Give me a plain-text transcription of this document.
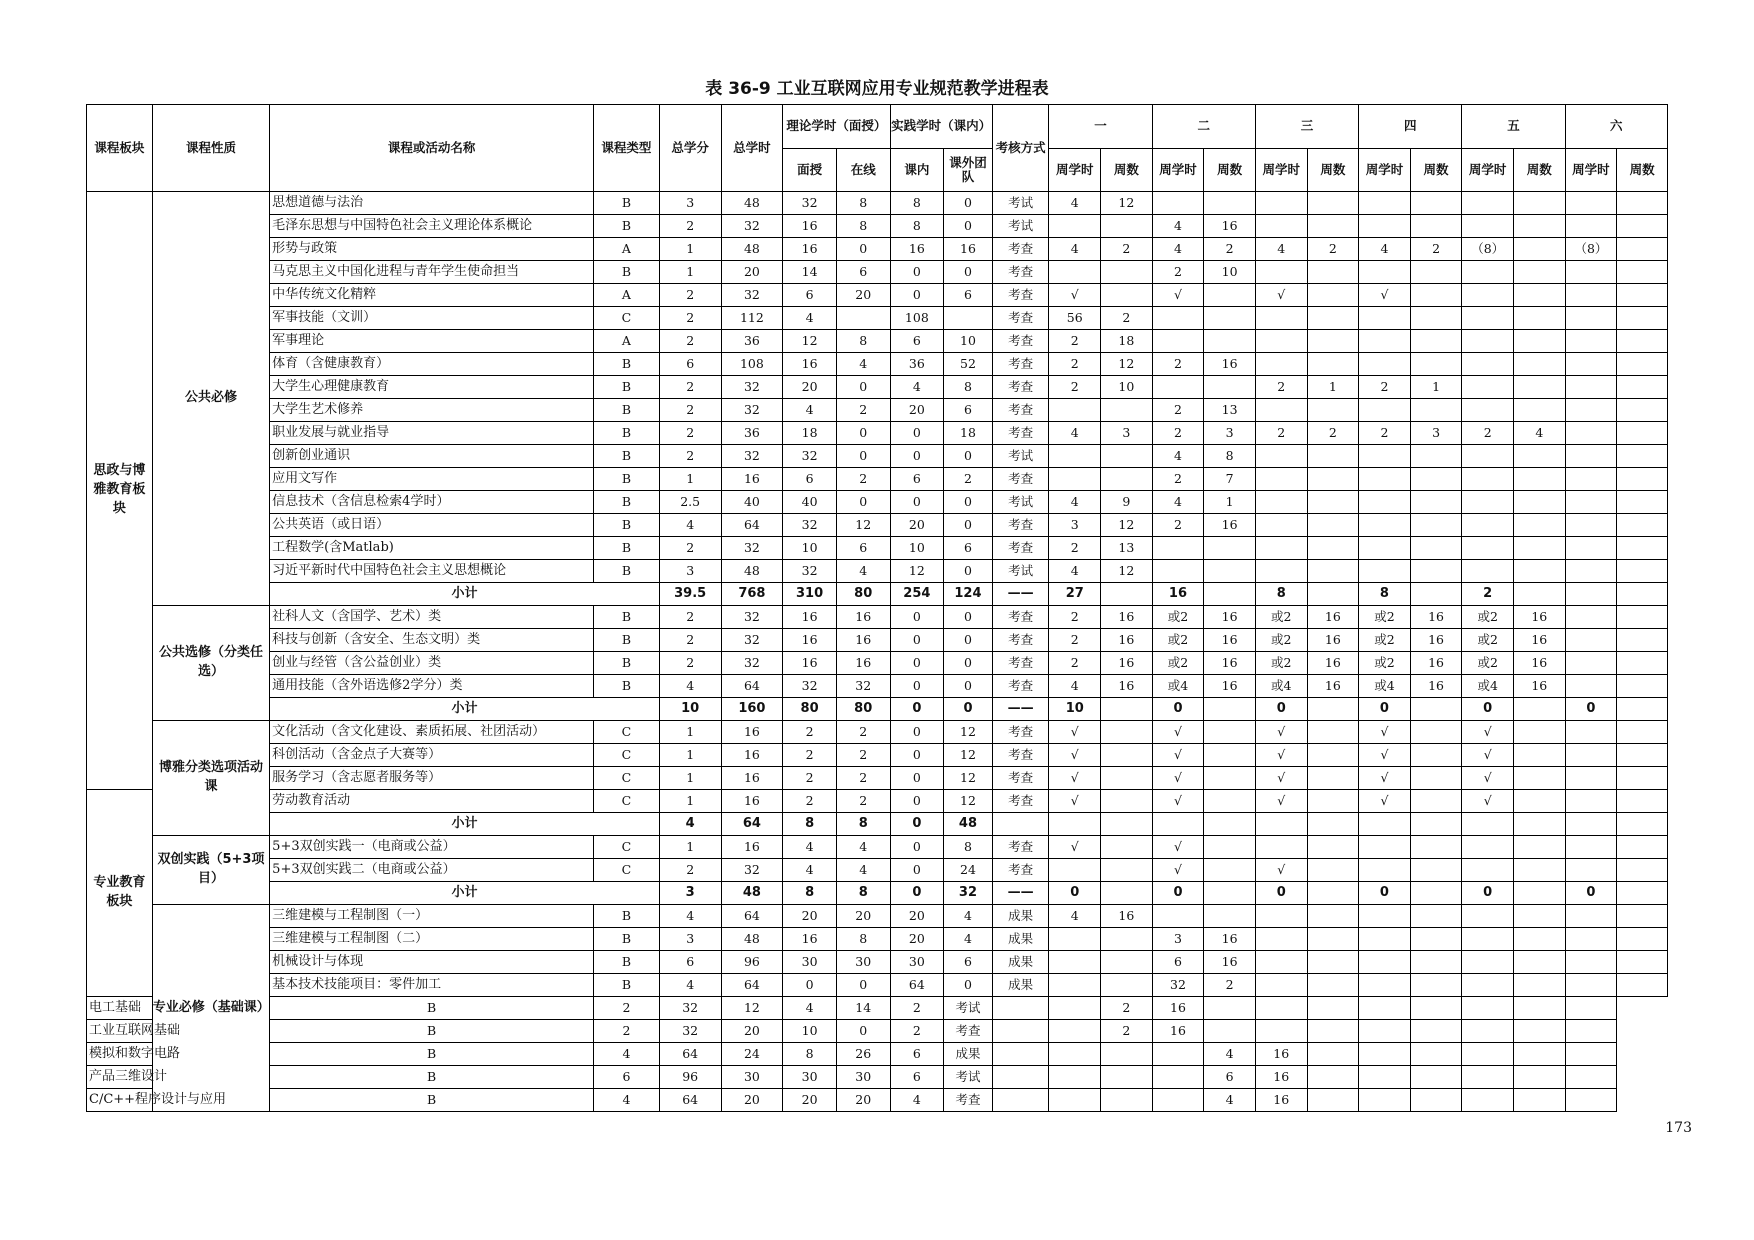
表 36-9 工业互联网应用专业规范教学进程表
课程板块	课程性质	课程或活动名称	课程类型	总学分	总学时	理论学时（面授）		实践学时（课内）		考核方式	一		二		三		四		五		六	
						面授	在线	课内	课外团队		周学时	周数	周学时	周数	周学时	周数	周学时	周数	周学时	周数	周学时	周数
思政与博雅教育板块	公共必修	思想道德与法治	B	3	48	32	8	8	0	考试	4	12										
		毛泽东思想与中国特色社会主义理论体系概论	B	2	32	16	8	8	0	考试			4	16								
		形势与政策	A	1	48	16	0	16	16	考查	4	2	4	2	4	2	4	2	（8）		（8）	
		马克思主义中国化进程与青年学生使命担当	B	1	20	14	6	0	0	考查			2	10								
		中华传统文化精粹	A	2	32	6	20	0	6	考查	√		√		√		√					
		军事技能（文训）	C	2	112	4		108		考查	56	2										
		军事理论	A	2	36	12	8	6	10	考查	2	18										
		体育（含健康教育）	B	6	108	16	4	36	52	考查	2	12	2	16								
		大学生心理健康教育	B	2	32	20	0	4	8	考查	2	10			2	1	2	1				
		大学生艺术修养	B	2	32	4	2	20	6	考查			2	13								
		职业发展与就业指导	B	2	36	18	0	0	18	考查	4	3	2	3	2	2	2	3	2	4		
		创新创业通识	B	2	32	32	0	0	0	考试			4	8								
		应用文写作	B	1	16	6	2	6	2	考查			2	7								
		信息技术（含信息检索4学时）	B	2.5	40	40	0	0	0	考试	4	9	4	1								
		公共英语（或日语）	B	4	64	32	12	20	0	考查	3	12	2	16								
		工程数学(含Matlab)	B	2	32	10	6	10	6	考查	2	13										
		习近平新时代中国特色社会主义思想概论	B	3	48	32	4	12	0	考试	4	12										
		小计		39.5	768	310	80	254	124	——	27		16		8		8		2			
	公共选修（分类任选）	社科人文（含国学、艺术）类	B	2	32	16	16	0	0	考查	2	16	或2	16	或2	16	或2	16	或2	16		
		科技与创新（含安全、生态文明）类	B	2	32	16	16	0	0	考查	2	16	或2	16	或2	16	或2	16	或2	16		
		创业与经管（含公益创业）类	B	2	32	16	16	0	0	考查	2	16	或2	16	或2	16	或2	16	或2	16		
		通用技能（含外语选修2学分）类	B	4	64	32	32	0	0	考查	4	16	或4	16	或4	16	或4	16	或4	16		
		小计		10	160	80	80	0	0	——	10		0		0		0		0		0	
	博雅分类选项活动课	文化活动（含文化建设、素质拓展、社团活动）	C	1	16	2	2	0	12	考查	√		√		√		√		√			
		科创活动（含金点子大赛等）	C	1	16	2	2	0	12	考查	√		√		√		√		√			
		服务学习（含志愿者服务等）	C	1	16	2	2	0	12	考查	√		√		√		√		√			
专业教育板块		劳动教育活动	C	1	16	2	2	0	12	考查	√		√		√		√		√			
		小计		4	64	8	8	0	48													
	双创实践（5+3项目）	5+3双创实践一（电商或公益）	C	1	16	4	4	0	8	考查	√		√									
		5+3双创实践二（电商或公益）	C	2	32	4	4	0	24	考查			√		√							
		小计		3	48	8	8	0	32	——	0		0		0		0		0		0	
	专业必修（基础课）	三维建模与工程制图（一）	B	4	64	20	20	20	4	成果	4	16										
		三维建模与工程制图（二）	B	3	48	16	8	20	4	成果			3	16								
		机械设计与体现	B	6	96	30	30	30	6	成果			6	16								
		基本技术技能项目：零件加工	B	4	64	0	0	64	0	成果			32	2								
电工基础		B	2	32	12	4	14	2	考试			2	16									
工业互联网基础		B	2	32	20	10	0	2	考查			2	16									
模拟和数字电路		B	4	64	24	8	26	6	成果					4	16							
产品三维设计		B	6	96	30	30	30	6	考试					6	16							
C/C++程序设计与应用		B	4	64	20	20	20	4	考查					4	16							
173
